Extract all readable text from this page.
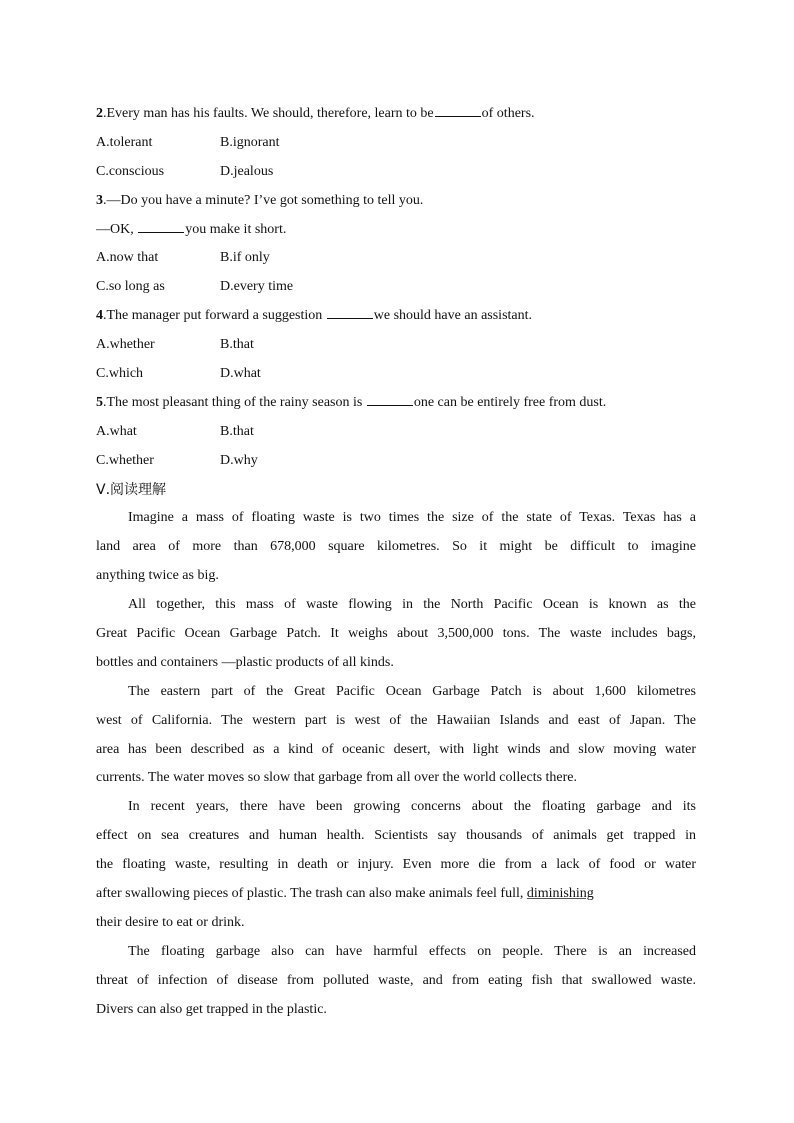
2.Every man has his faults. We should, therefore, learn to be	of others.
A.tolerant	B.ignorant
C.conscious	D.jealous
3.—Do you have a minute? I’ve got something to tell you.
—OK,	you make it short.
A.now that	B.if only
C.so long as	D.every time
4.The manager put forward a suggestion	we should have an assistant.
A.whether	B.that
C.which	D.what
5.The most pleasant thing of the rainy season is	one can be entirely free from dust.
A.what	B.that
C.whether	D.why
Ⅴ.阅读理解
Imagine a mass of floating waste is two times the size of the state of Texas. Texas has a
land area of more than 678,000 square kilometres. So it might be difficult to imagine
anything twice as big.
All together, this mass of waste flowing in the North Pacific Ocean is known as the
Great Pacific Ocean Garbage Patch. It weighs about 3,500,000 tons. The waste includes bags,
bottles and containers —plastic products of all kinds.
The eastern part of the Great Pacific Ocean Garbage Patch is about 1,600 kilometres
west of California. The western part is west of the Hawaiian Islands and east of Japan. The
area has been described as a kind of oceanic desert, with light winds and slow moving water
currents. The water moves so slow that garbage from all over the world collects there.
In recent years, there have been growing concerns about the floating garbage and its
effect on sea creatures and human health. Scientists say thousands of animals get trapped in
the floating waste, resulting in death or injury. Even more die from a lack of food or water
after swallowing pieces of plastic. The trash can also make animals feel full, diminishing
their desire to eat or drink.
The floating garbage also can have harmful effects on people. There is an increased
threat of infection of disease from polluted waste, and from eating fish that swallowed waste.
Divers can also get trapped in the plastic.
